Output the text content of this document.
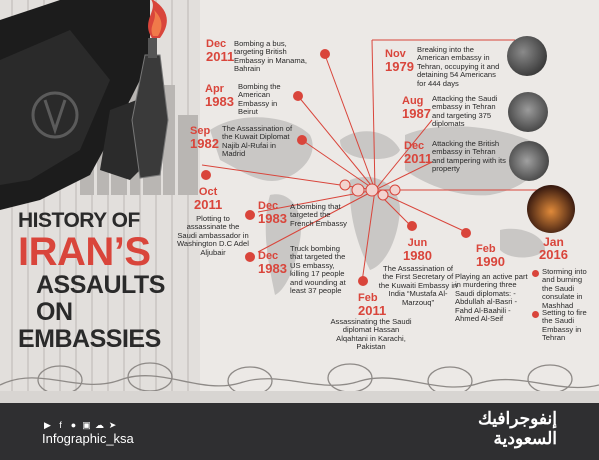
HISTORY OF
IRAN’S
ASSAULTS
ON
EMBASSIES
Dec
2011
Bombing a bus, targeting British Embassy in Manama, Bahrain
Apr
1983
Bombing the American Embassy in Beirut
Sep
1982
The Assassination of the Kuwait Diplomat Najib Al-Rufai in Madrid
Oct
2011
Plotting to assassinate the Saudi ambassador in Washington D.C Adel Aljubair
Dec
1983
A bombing that targeted the French Embassy
Dec
1983
Truck bombing that targeted the US embassy, killing 17 people and wounding at least 37 people
Feb
2011
Assassinating the Saudi diplomat Hassan Alqahtani in Karachi, Pakistan
Jun
1980
The Assassination of the First Secretary of the Kuwaiti Embassy in India “Mustafa Al-Marzouq”
Feb
1990
Playing an active part in murdering three Saudi diplomats: -Abdullah al-Basri -Fahd Al-Baahili -Ahmed Al-Seif
Nov
1979
Breaking into the American embassy in Tehran, occupying it and detaining 54 Americans for 444 days
Aug
1987
Attacking the Saudi embassy in Tehran and targeting 375 diplomats
Dec
2011
Attacking the British embassy in Tehran and tampering with its property
Jan
2016
Storming into and burning the Saudi consulate in Mashhad
Setting to fire the Saudi Embassy in Tehran
▶ f ● ▣ ☁ ➤
Infographic_ksa
إنفوجرافيك
السعودية
